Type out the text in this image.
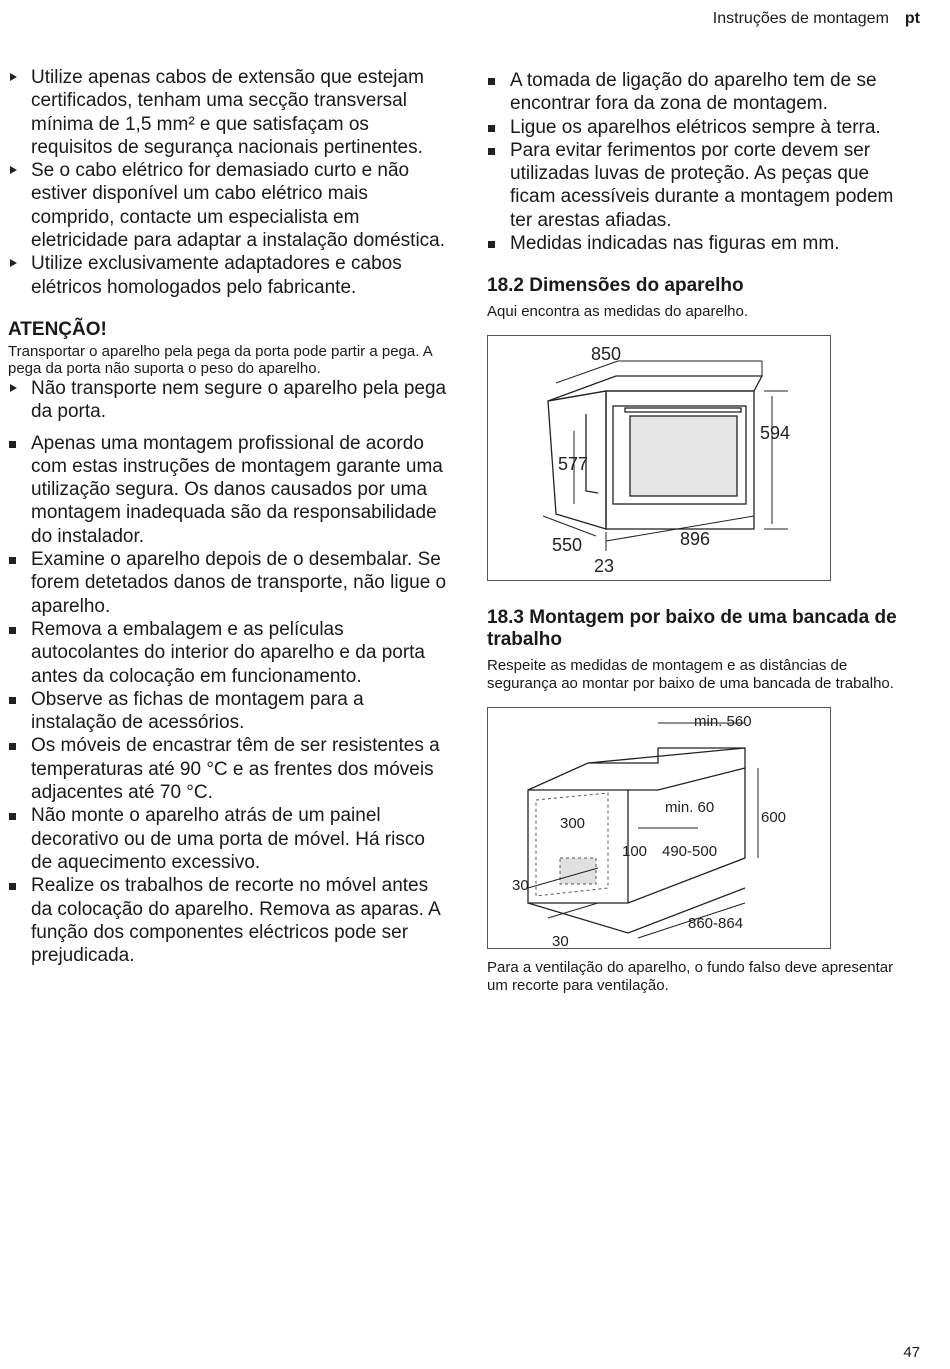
Instruções de montagem pt
Utilize apenas cabos de extensão que estejam certificados, tenham uma secção transversal mínima de 1,5 mm² e que satisfaçam os requisitos de segurança nacionais pertinentes.
Se o cabo elétrico for demasiado curto e não estiver disponível um cabo elétrico mais comprido, contacte um especialista em eletricidade para adaptar a instalação doméstica.
Utilize exclusivamente adaptadores e cabos elétricos homologados pelo fabricante.
ATENÇÃO!
Transportar o aparelho pela pega da porta pode partir a pega. A pega da porta não suporta o peso do aparelho.
Não transporte nem segure o aparelho pela pega da porta.
Apenas uma montagem profissional de acordo com estas instruções de montagem garante uma utilização segura. Os danos causados por uma montagem inadequada são da responsabilidade do instalador.
Examine o aparelho depois de o desembalar. Se forem detetados danos de transporte, não ligue o aparelho.
Remova a embalagem e as películas autocolantes do interior do aparelho e da porta antes da colocação em funcionamento.
Observe as fichas de montagem para a instalação de acessórios.
Os móveis de encastrar têm de ser resistentes a temperaturas até 90 °C e as frentes dos móveis adjacentes até 70 °C.
Não monte o aparelho atrás de um painel decorativo ou de uma porta de móvel. Há risco de aquecimento excessivo.
Realize os trabalhos de recorte no móvel antes da colocação do aparelho. Remova as aparas. A função dos componentes eléctricos pode ser prejudicada.
A tomada de ligação do aparelho tem de se encontrar fora da zona de montagem.
Ligue os aparelhos elétricos sempre à terra.
Para evitar ferimentos por corte devem ser utilizadas luvas de proteção. As peças que ficam acessíveis durante a montagem podem ter arestas afiadas.
Medidas indicadas nas figuras em mm.
18.2 Dimensões do aparelho
Aqui encontra as medidas do aparelho.
850
594
577
550
23
896
18.3 Montagem por baixo de uma bancada de trabalho
Respeite as medidas de montagem e as distâncias de segurança ao montar por baixo de uma bancada de trabalho.
min. 560
min. 60
600
300
100 490-500
30
30
860-864
Para a ventilação do aparelho, o fundo falso deve apresentar um recorte para ventilação.
47
